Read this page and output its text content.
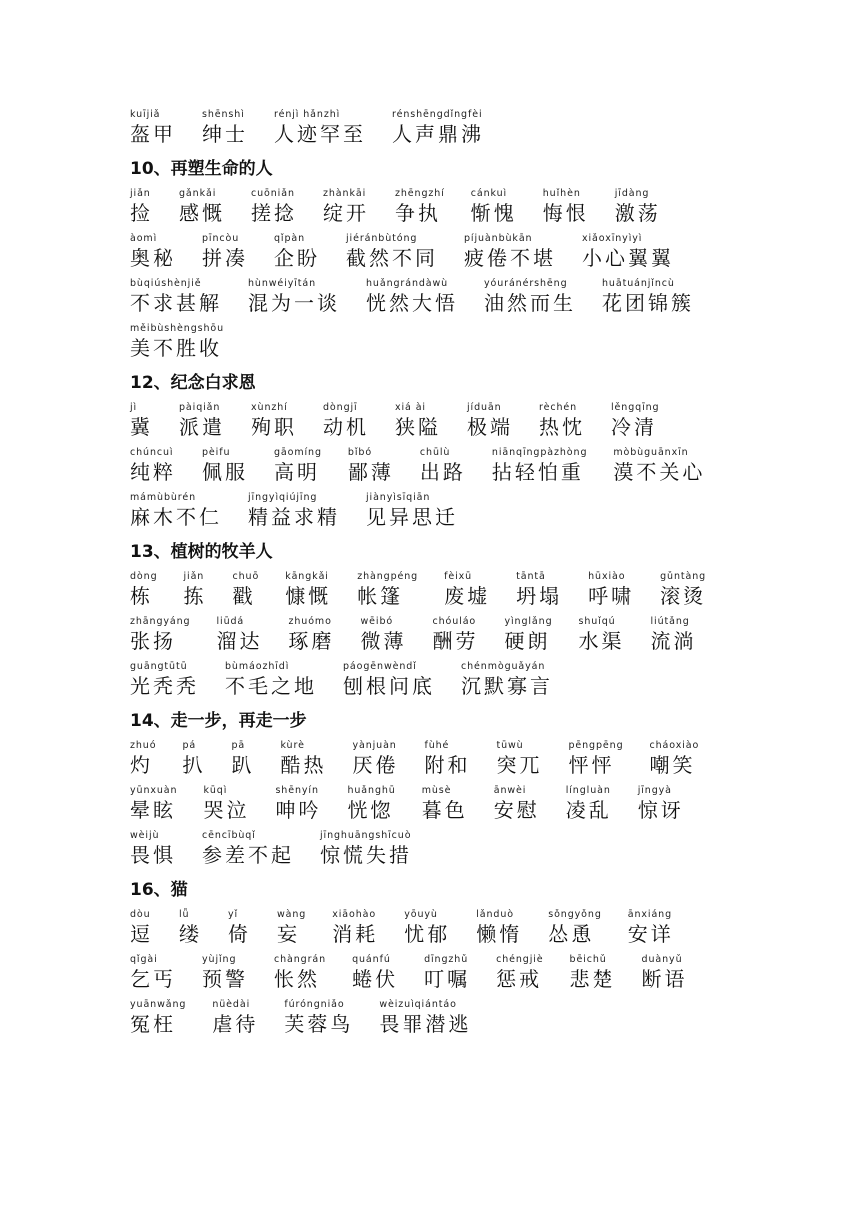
kuījiǎ
盔甲
shēnshì
绅士
rénjì hǎnzhì
人迹罕至
rénshēngdǐngfèi
人声鼎沸
10、再塑生命的人
jiǎn
捡
gǎnkǎi
感慨
cuōniǎn
搓捻
zhànkāi
绽开
zhēngzhí
争执
cánkuì
惭愧
huǐhèn
悔恨
jīdàng
激荡
àomì
奥秘
pīncòu
拼凑
qǐpàn
企盼
jiéránbùtóng
截然不同
píjuànbùkān
疲倦不堪
xiǎoxīnyìyì
小心翼翼
bùqiúshènjiě
不求甚解
hùnwéiyītán
混为一谈
huǎngrándàwù
恍然大悟
yóuránérshēng
油然而生
huātuánjǐncù
花团锦簇
měibùshèngshōu
美不胜收
12、纪念白求恩
jì
冀
pàiqiǎn
派遣
xùnzhí
殉职
dòngjī
动机
xiá ài
狭隘
jíduān
极端
rèchén
热忱
lěngqīng
冷清
chúncuì
纯粹
pèifu
佩服
gāomíng
高明
bǐbó
鄙薄
chūlù
出路
niānqīngpàzhòng
拈轻怕重
mòbùguānxīn
漠不关心
mámùbùrén
麻木不仁
jīngyìqiújīng
精益求精
jiànyìsīqiān
见异思迁
13、植树的牧羊人
dòng
栋
jiǎn
拣
chuō
戳
kāngkǎi
慷慨
zhàngpéng
帐篷
fèixū
废墟
tāntā
坍塌
hūxiào
呼啸
gǔntàng
滚烫
zhāngyáng
张扬
liūdá
溜达
zhuómo
琢磨
wēibó
微薄
chóuláo
酬劳
yìnglǎng
硬朗
shuǐqú
水渠
liútǎng
流淌
guāngtūtū
光秃秃
bùmáozhīdì
不毛之地
páogēnwèndǐ
刨根问底
chénmòguǎyán
沉默寡言
14、走一步，再走一步
zhuó
灼
pá
扒
pā
趴
kùrè
酷热
yànjuàn
厌倦
fùhé
附和
tūwù
突兀
pēngpēng
怦怦
cháoxiào
嘲笑
yūnxuàn
晕眩
kūqì
哭泣
shēnyín
呻吟
huǎnghū
恍惚
mùsè
暮色
ānwèi
安慰
língluàn
凌乱
jīngyà
惊讶
wèijù
畏惧
cēncībùqǐ
参差不起
jīnghuāngshīcuò
惊慌失措
16、猫
dòu
逗
lǚ
缕
yǐ
倚
wàng
妄
xiāohào
消耗
yōuyù
忧郁
lǎnduò
懒惰
sǒngyǒng
怂恿
ānxiáng
安详
qǐgài
乞丐
yùjǐng
预警
chàngrán
怅然
quánfú
蜷伏
dīngzhǔ
叮嘱
chéngjiè
惩戒
bēichǔ
悲楚
duànyǔ
断语
yuānwǎng
冤枉
nüèdài
虐待
fúróngniǎo
芙蓉鸟
wèizuìqiántáo
畏罪潜逃
